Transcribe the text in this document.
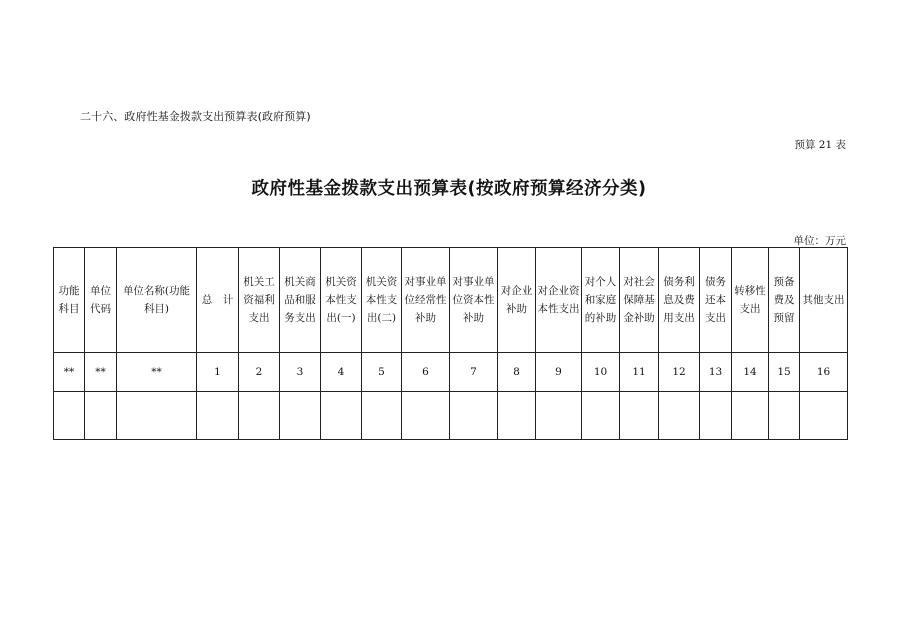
二十六、政府性基金拨款支出预算表(政府预算)
预算 21 表
政府性基金拨款支出预算表(按政府预算经济分类)
单位：万元
功能科目	单位代码	单位名称(功能科目)	总　计	机关工资福利支出	机关商品和服务支出	机关资本性支出(一)	机关资本性支出(二)	对事业单位经常性补助	对事业单位资本性补助	对企业补助	对企业资本性支出	对个人和家庭的补助	对社会保障基金补助	债务利息及费用支出	债务还本支出	转移性支出	预备费及预留	其他支出
**	**	**	1	2	3	4	5	6	7	8	9	10	11	12	13	14	15	16
